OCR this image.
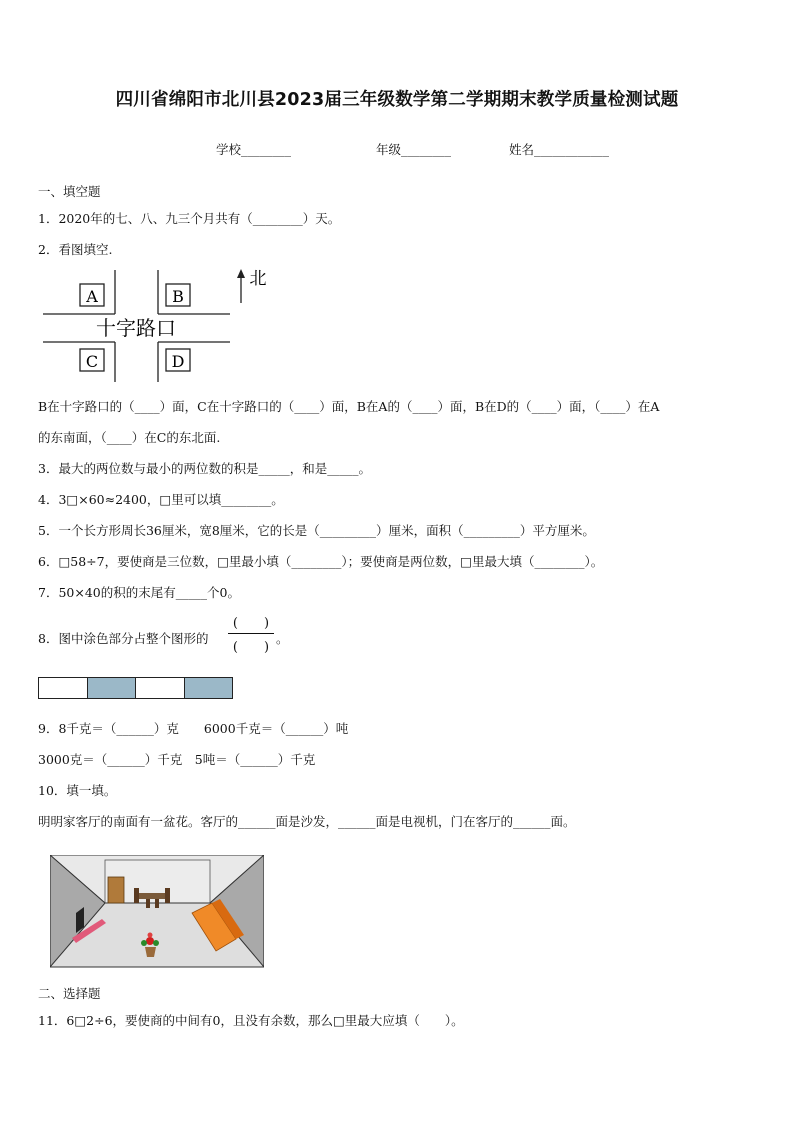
四川省绵阳市北川县2023届三年级数学第二学期期末教学质量检测试题
学校________	年级________	姓名____________
一、填空题
1．2020年的七、八、九三个月共有（________）天。
2．看图填空.
A	B
C	D
十字路口
北
B在十字路口的（____）面，C在十字路口的（____）面，B在A的（____）面，B在D的（____）面，（____）在A
的东南面，（____）在C的东北面.
3．最大的两位数与最小的两位数的积是_____，和是_____。
4．3□×60≈2400，□里可以填________。
5．一个长方形周长36厘米，宽8厘米，它的长是（_________）厘米，面积（_________）平方厘米。
6．□58÷7，要使商是三位数，□里最小填（________）；要使商是两位数，□里最大填（________）。
7．50×40的积的末尾有_____个0。
8．图中涂色部分占整个图形的
(　　)
(　　)
。
9．8千克＝（______）克　　6000千克＝（______）吨
3000克＝（______）千克　5吨＝（______）千克
10．填一填。
明明家客厅的南面有一盆花。客厅的______面是沙发，______面是电视机，门在客厅的______面。
二、选择题
11．6□2÷6，要使商的中间有0，且没有余数，那么□里最大应填（　　）。
